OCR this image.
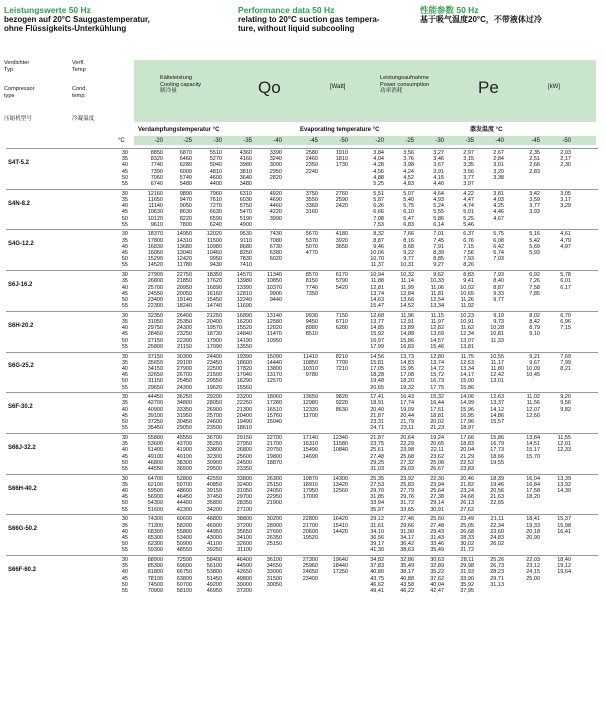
Leistungswerte 50 Hz
bezogen auf 20°C Sauggastemperatur,
ohne Flüssigkeits-Unterkühlung
Performance data 50 Hz
relating to 20°C suction gas tempera-
ture, without liquid subcooling
性能参数 50 Hz
基于吸气温度20°C，不带液体过冷
Verdichter
Typ
Verfl.
Temp
Compressor
type
Cond.
temp.
压缩机型号	冷凝温度
°C
Kälteleistung
Cooling capacity
制冷量	Qo	[Watt]
Leistungsaufnahme
Power consumption
功率消耗	Pe	[kW]
Verdampfungstemperatur °C	Evaporating temperature °C	蒸发温度 °C
-20	-25	-30	-35	-40	-45	-50	-20	-25	-30	-35	-40	-45	-50
S4T-5.2
30	8850	6870	5510	4360	3390	2580	1910	3,84	3,56	3,27	2,97	2,67	2,35	2,03
35	8320	6460	5270	4160	3240	2460	1810	4,04	3,76	3,46	3,15	2,84	2,51	2,17
40	7740	6280	5040	3980	3090	2350	1730	4,28	3,98	3,67	3,35	3,01	2,66	2,30
45	7390	6000	4810	3810	2950	2240	4,56	4,24	3,91	3,56	3,20	2,83
50	7060	5740	4600	3640	2820	4,88	4,52	4,15	3,77	3,38
55	6740	5480	4400	3480	5,25	4,83	4,40	3,97
S4N-8.2
30	12160	9890	7960	6310	4920	3750	2760	5,51	5,07	4,64	4,22	3,81	3,42	3,05
35	11650	9470	7610	6030	4690	3550	2590	5,87	5,40	4,93	4,47	4,03	3,59	3,17
40	11140	9050	7270	5750	4460	3360	2420	6,26	5,75	5,24	4,74	4,25	3,77	3,29
45	10630	8630	6630	5470	4220	3160	6,66	6,10	5,55	5,01	4,46	3,93
50	10120	8220	6590	5190	3990	7,08	6,47	5,86	5,25	4,67
55	9610	7800	6240	4900	7,53	6,83	6,14	5,46
S4G-12.2
30	18370	14950	12020	9530	7430	5670	4180	8,32	7,66	7,01	6,37	5,75	5,16	4,61
35	17800	14310	11500	9110	7080	5370	3920	8,87	8,16	7,45	6,76	6,08	5,42	4,79
40	16830	13680	10980	8680	6730	5070	3650	9,46	8,68	7,91	7,15	6,42	5,69	4,97
45	16060	13040	10460	8250	6380	4770	10,06	9,22	8,39	7,56	6,74	5,93
50	15290	12420	9950	7830	6020	10,70	9,77	8,85	7,93	7,03
55	14520	11780	9430	7410	11,37	10,31	9,27	8,26
S6J-16.2
30	27900	22750	18350	14570	11340	8570	6170	10,94	10,32	9,62	8,83	7,93	6,92	5,78
35	26800	21850	17620	13980	10850	8150	5790	11,88	11,14	10,33	9,41	8,40	7,26	6,01
40	25700	20950	16890	13390	10370	7740	5420	12,81	11,99	11,06	10,02	8,87	7,58	6,17
45	24550	20050	16160	12810	9900	7350	13,74	12,84	11,81	10,65	9,33	7,85
50	23400	19140	15450	12240	9440	14,63	13,66	12,54	11,26	9,77
55	22300	18240	14740	11690	15,47	14,52	13,34	11,92
S6H-20.2
30	32350	26400	21250	16890	13140	9930	7150	12,68	11,96	11,15	10,23	9,19	8,02	6,70
35	31050	25350	20400	16200	12580	9450	6710	13,77	12,91	11,97	10,91	9,73	8,42	6,96
40	29750	24300	19570	15520	12020	8980	6280	14,85	13,89	12,82	11,62	10,28	8,79	7,15
45	28450	23250	18730	14840	11470	8510	15,92	14,88	13,69	12,34	10,81	9,10
50	27150	22200	17900	14190	10950	16,97	15,86	14,57	13,07	11,33
55	25800	21150	17090	13550	17,99	16,83	15,46	13,81
S6G-25.2
30	37150	30300	24400	19390	15090	11410	8210	14,56	13,73	12,80	11,75	10,55	9,21	7,69
35	35650	29100	23450	18600	14440	10850	7700	15,81	14,83	13,74	12,53	11,17	9,67	7,99
40	34150	27900	22500	17820	13800	10310	7210	17,05	15,95	14,72	13,34	11,80	10,09	8,21
45	32650	26700	21500	17040	13170	9780	18,28	17,08	15,72	14,17	12,42	10,45
50	31150	25450	20550	16290	12570	19,48	18,20	16,73	15,00	13,01
55	29650	24300	19620	15560	20,65	19,32	17,75	15,86
S6F-30.2
30	44450	36250	29200	23200	18060	13650	9820	17,41	16,43	15,32	14,06	12,63	11,02	9,20
35	42700	34800	28050	22250	17280	12980	9220	18,91	17,74	16,44	14,99	13,37	11,56	9,56
40	40900	33350	26900	21300	16510	12330	8630	20,40	19,09	17,61	15,96	14,12	12,07	9,82
45	39100	31950	25700	20400	15760	11700	21,87	20,44	18,81	16,95	14,86	12,50
50	37250	30450	24600	19490	15040	23,31	21,79	20,02	17,96	15,57
55	35450	29050	23500	18610	24,71	23,11	21,23	18,97
S66J-32.2
30	55800	45550	36700	29150	22700	17140	12340	21,87	20,64	19,24	17,66	15,86	13,84	11,55
35	53600	43700	35250	27950	21700	16310	11580	23,75	22,29	20,65	18,83	16,79	14,51	12,01
40	51400	41900	33800	26800	20750	15490	10840	25,61	23,98	22,11	20,04	17,73	15,17	12,33
45	49100	40100	32300	25600	19800	14690	27,48	25,68	23,62	21,29	18,66	15,70
50	46800	38300	30900	24500	18870	29,25	27,32	25,08	22,52	19,55
55	44550	36500	29500	23350	31,03	29,03	26,67	23,83
S66H-40.2
30	64700	52800	42550	33800	26300	19870	14300	25,35	23,92	22,30	20,46	18,39	16,04	13,39
35	62100	50700	40850	32400	25150	18910	13420	27,53	25,83	23,94	21,82	19,46	16,84	13,92
40	59500	48600	39150	31050	24050	17950	12560	29,70	27,79	25,64	23,24	20,56	17,58	14,30
45	56900	46450	37450	29700	22950	17000	31,85	29,76	27,38	24,68	21,63	18,20
50	54300	44400	35800	28350	21900	33,94	31,72	29,14	26,13	22,65
55	51600	42300	34200	27100	35,97	33,65	30,91	27,62
S66G-50.2
30	74300	60600	48800	38800	30200	22800	16420	29,12	27,46	25,60	23,49	21,11	18,41	15,37
35	71300	58200	46900	37200	28900	21700	15410	31,61	29,66	27,48	25,05	22,34	19,33	15,98
40	68300	55800	44950	35650	27600	20600	14420	34,10	31,90	29,43	26,68	23,60	20,18	16,41
45	65300	53400	43000	34100	26350	19520	36,56	34,17	31,43	28,33	24,83	20,90
50	62300	50900	41100	32600	25150	39,17	36,42	33,46	30,02	26,02
55	59300	48550	39250	31100	41,30	38,63	35,49	31,72
S66F-60.2
30	88900	72500	58400	46400	36100	27300	19640	34,82	32,86	30,63	28,11	25,26	22,03	18,40
35	85300	69600	56100	44500	34550	25960	18440	37,83	35,49	32,89	29,98	26,73	23,12	19,12
40	81800	66750	53800	42650	33000	24650	17250	40,80	38,17	35,22	31,93	28,23	24,15	19,64
45	78100	63800	51450	40800	31500	23400	43,75	40,88	37,62	33,90	29,71	25,00
50	74500	60700	49200	39000	30050	46,62	43,58	40,04	35,92	31,13
55	70900	58100	46950	37200	49,41	46,22	42,47	37,95
